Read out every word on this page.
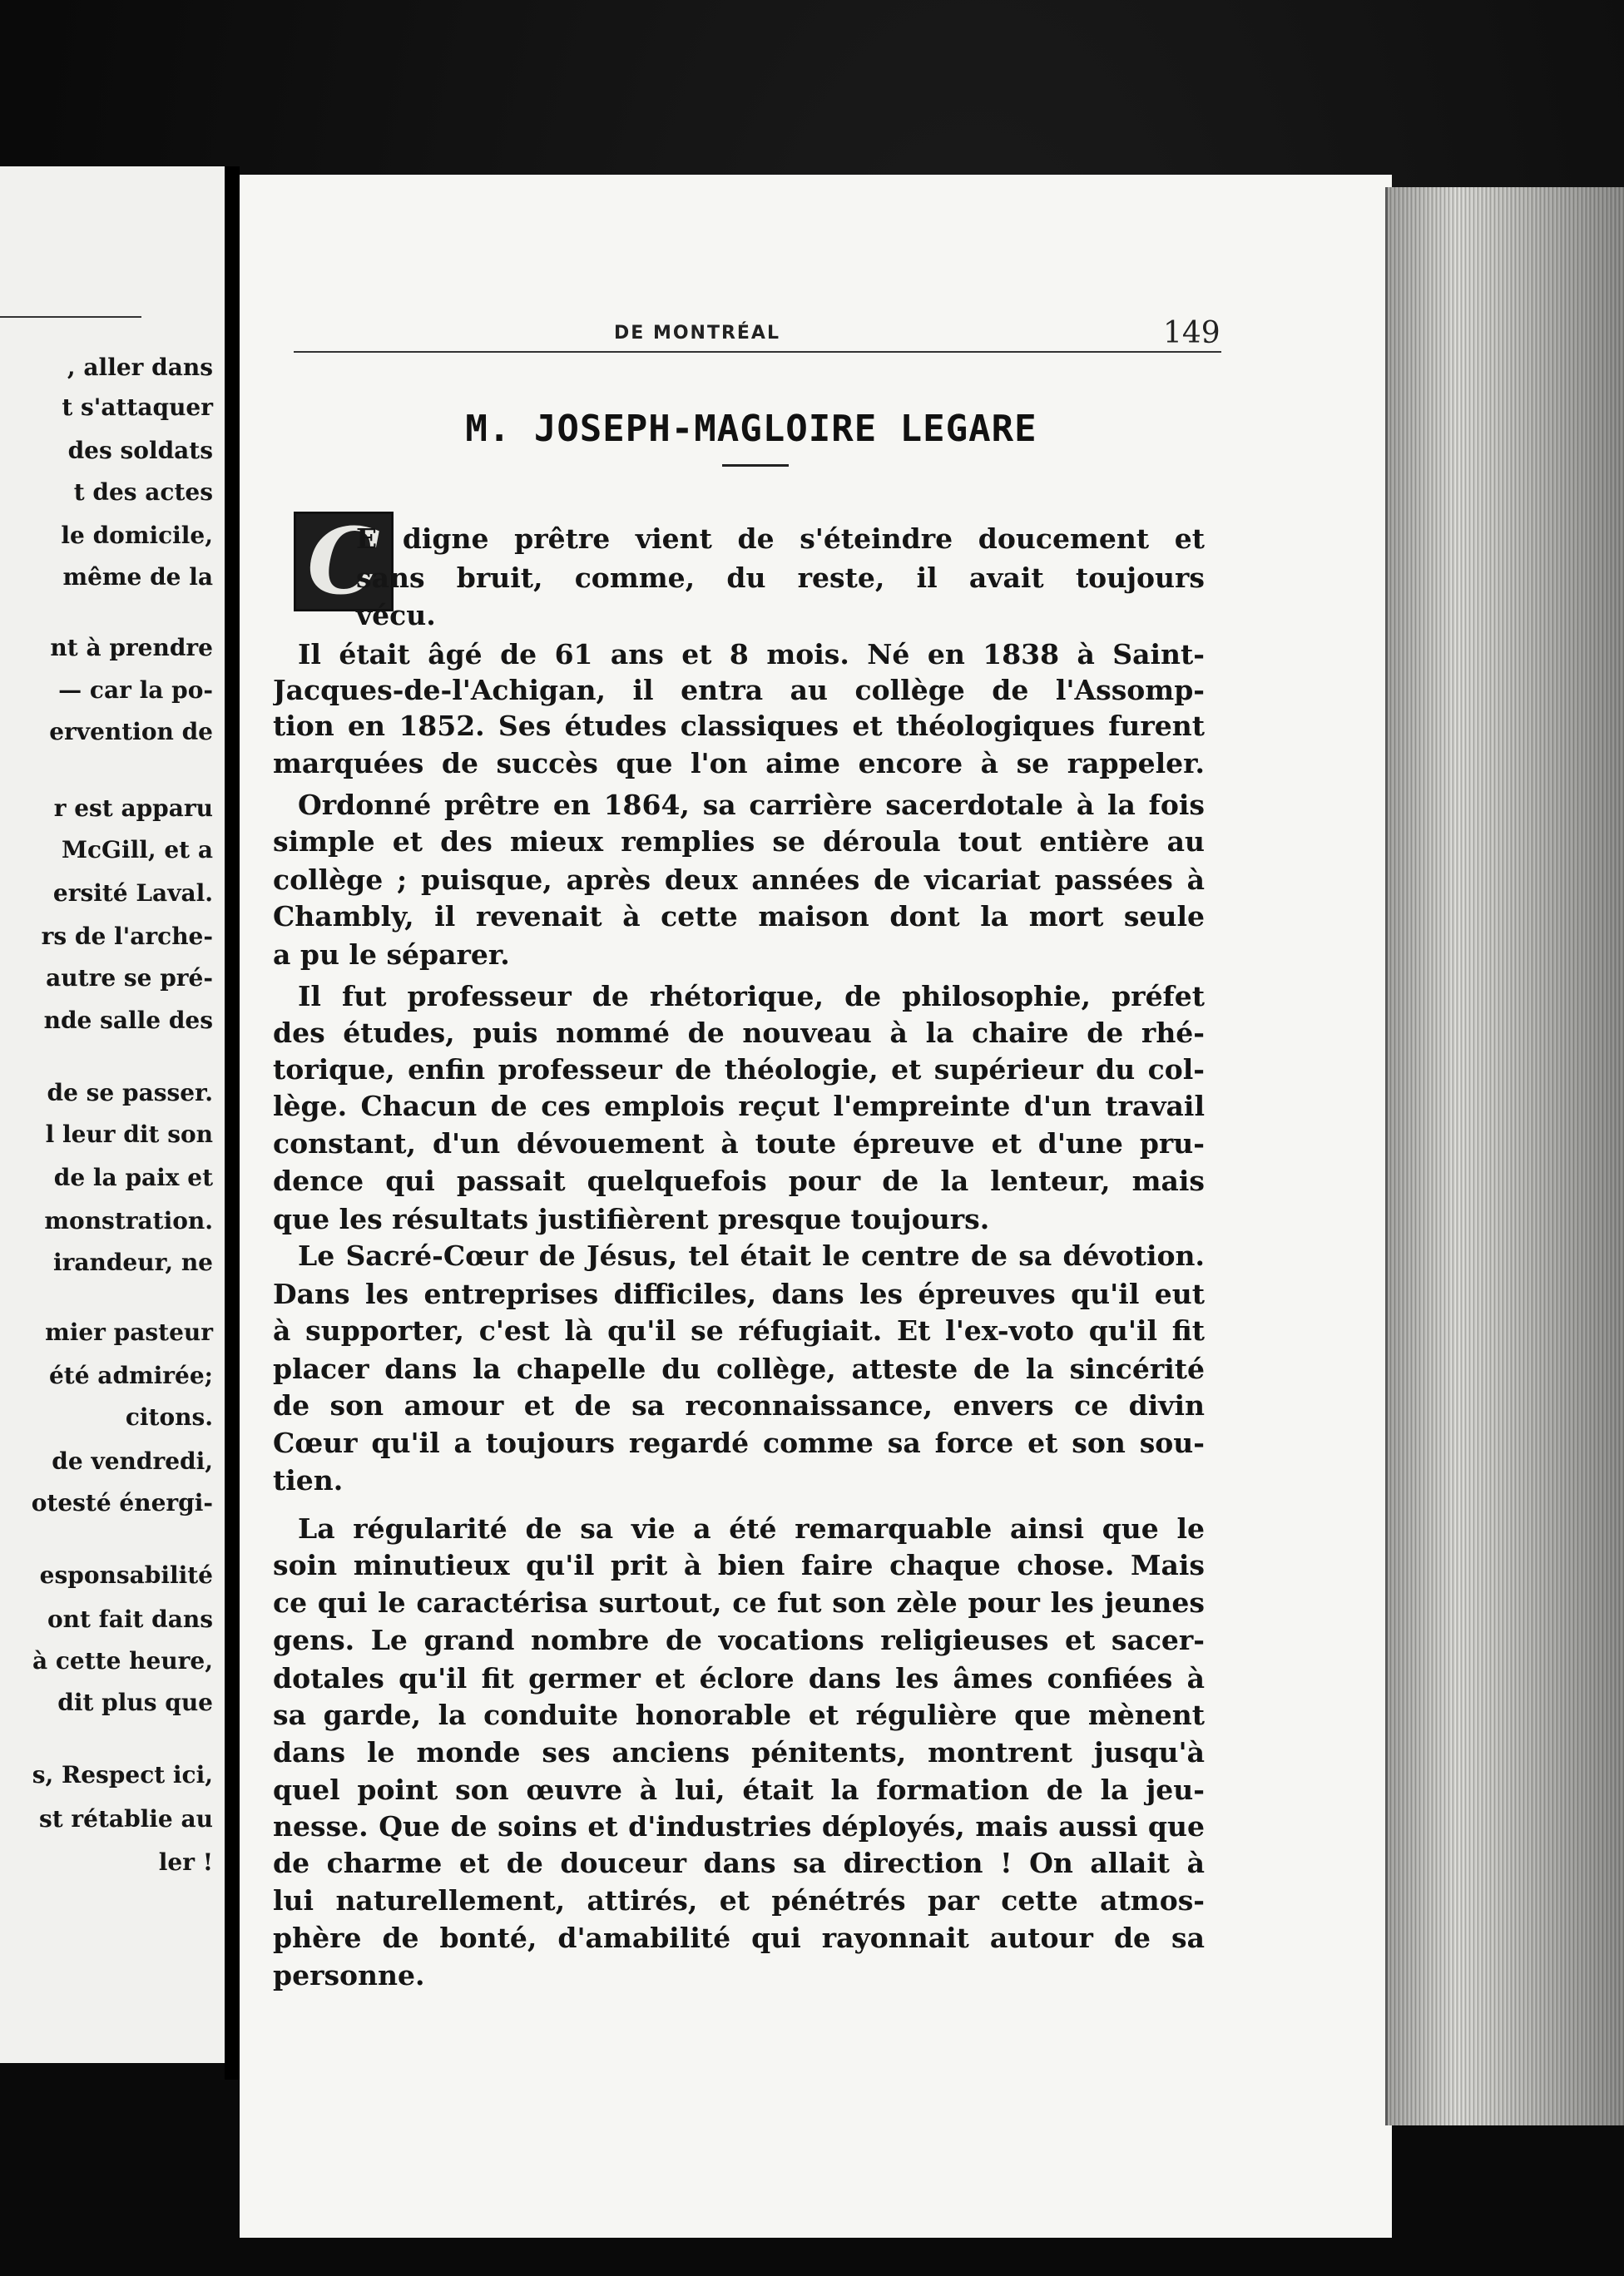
, aller dans
t s'attaquer
des soldats
t des actes
le domicile,
même de la
nt à prendre
— car la po-
ervention de
r est apparu
McGill, et a
ersité Laval.
rs de l'arche-
autre se pré-
nde salle des
de se passer.
l leur dit son
de la paix et
monstration.
irandeur, ne
mier pasteur
été admirée;
citons.
de vendredi,
otesté énergi-
esponsabilité
ont fait dans
à cette heure,
dit plus que
s, Respect ici,
st rétablie au
ler !
DE MONTRÉAL	149
M. JOSEPH-MAGLOIRE LEGARE
C
E digne prêtre vient de s'éteindre doucement et
sans bruit, comme, du reste, il avait toujours
vécu.
Il était âgé de 61 ans et 8 mois. Né en 1838 à Saint-
Jacques-de-l'Achigan, il entra au collège de l'Assomp-
tion en 1852. Ses études classiques et théologiques furent
marquées de succès que l'on aime encore à se rappeler.
Ordonné prêtre en 1864, sa carrière sacerdotale à la fois
simple et des mieux remplies se déroula tout entière au
collège ; puisque, après deux années de vicariat passées à
Chambly, il revenait à cette maison dont la mort seule
a pu le séparer.
Il fut professeur de rhétorique, de philosophie, préfet
des études, puis nommé de nouveau à la chaire de rhé-
torique, enfin professeur de théologie, et supérieur du col-
lège. Chacun de ces emplois reçut l'empreinte d'un travail
constant, d'un dévouement à toute épreuve et d'une pru-
dence qui passait quelquefois pour de la lenteur, mais
que les résultats justifièrent presque toujours.
Le Sacré-Cœur de Jésus, tel était le centre de sa dévotion.
Dans les entreprises difficiles, dans les épreuves qu'il eut
à supporter, c'est là qu'il se réfugiait. Et l'ex-voto qu'il fit
placer dans la chapelle du collège, atteste de la sincérité
de son amour et de sa reconnaissance, envers ce divin
Cœur qu'il a toujours regardé comme sa force et son sou-
tien.
La régularité de sa vie a été remarquable ainsi que le
soin minutieux qu'il prit à bien faire chaque chose. Mais
ce qui le caractérisa surtout, ce fut son zèle pour les jeunes
gens. Le grand nombre de vocations religieuses et sacer-
dotales qu'il fit germer et éclore dans les âmes confiées à
sa garde, la conduite honorable et régulière que mènent
dans le monde ses anciens pénitents, montrent jusqu'à
quel point son œuvre à lui, était la formation de la jeu-
nesse. Que de soins et d'industries déployés, mais aussi que
de charme et de douceur dans sa direction ! On allait à
lui naturellement, attirés, et pénétrés par cette atmos-
phère de bonté, d'amabilité qui rayonnait autour de sa
personne.
